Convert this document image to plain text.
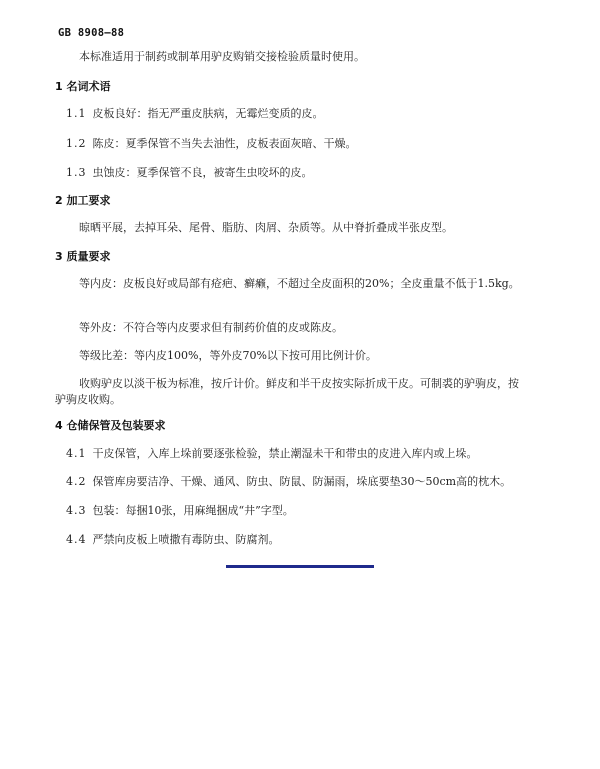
GB 8908—88
本标准适用于制药或制革用驴皮购销交接检验质量时使用。
1 名词术语
1.1 皮板良好：指无严重皮肤病，无霉烂变质的皮。
1.2 陈皮：夏季保管不当失去油性，皮板表面灰暗、干燥。
1.3 虫蚀皮：夏季保管不良，被寄生虫咬坏的皮。
2 加工要求
晾晒平展，去掉耳朵、尾骨、脂肪、肉屑、杂质等。从中脊折叠成半张皮型。
3 质量要求
等内皮：皮板良好或局部有疮疤、癣癞，不超过全皮面积的20%；全皮重量不低于1.5kg。
等外皮：不符合等内皮要求但有制药价值的皮或陈皮。
等级比差：等内皮100%，等外皮70%以下按可用比例计价。
收购驴皮以淡干板为标准，按斤计价。鲜皮和半干皮按实际折成干皮。可制裘的驴驹皮，按驴驹皮收购。
4 仓储保管及包装要求
4.1 干皮保管，入库上垛前要逐张检验，禁止潮湿未干和带虫的皮进入库内或上垛。
4.2 保管库房要洁净、干燥、通风、防虫、防鼠、防漏雨，垛底要垫30～50cm高的枕木。
4.3 包装：每捆10张，用麻绳捆成“井”字型。
4.4 严禁向皮板上喷撒有毒防虫、防腐剂。
